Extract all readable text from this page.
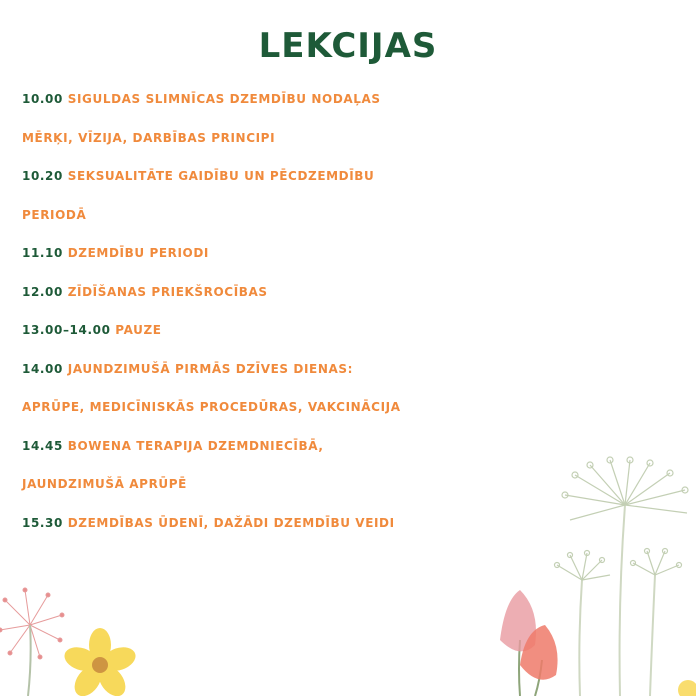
LEKCIJAS
10.00 SIGULDAS SLIMNĪCAS DZEMDĪBU NODAĻAS
MĒRĶI, VĪZIJA, DARBĪBAS PRINCIPI
10.20 SEKSUALITĀTE GAIDĪBU UN PĒCDZEMDĪBU
PERIODĀ
11.10 DZEMDĪBU PERIODI
12.00 ZĪDĪŠANAS PRIEKŠROCĪBAS
13.00–14.00 PAUZE
14.00 JAUNDZIMUŠĀ PIRMĀS DZĪVES DIENAS:
APRŪPE, MEDICĪNISKĀS PROCEDŪRAS, VAKCINĀCIJA
14.45 BOWENA TERAPIJA DZEMDNIECĪBĀ,
JAUNDZIMUŠĀ APRŪPĒ
15.30 DZEMDĪBAS ŪDENĪ, DAŽĀDI DZEMDĪBU VEIDI
